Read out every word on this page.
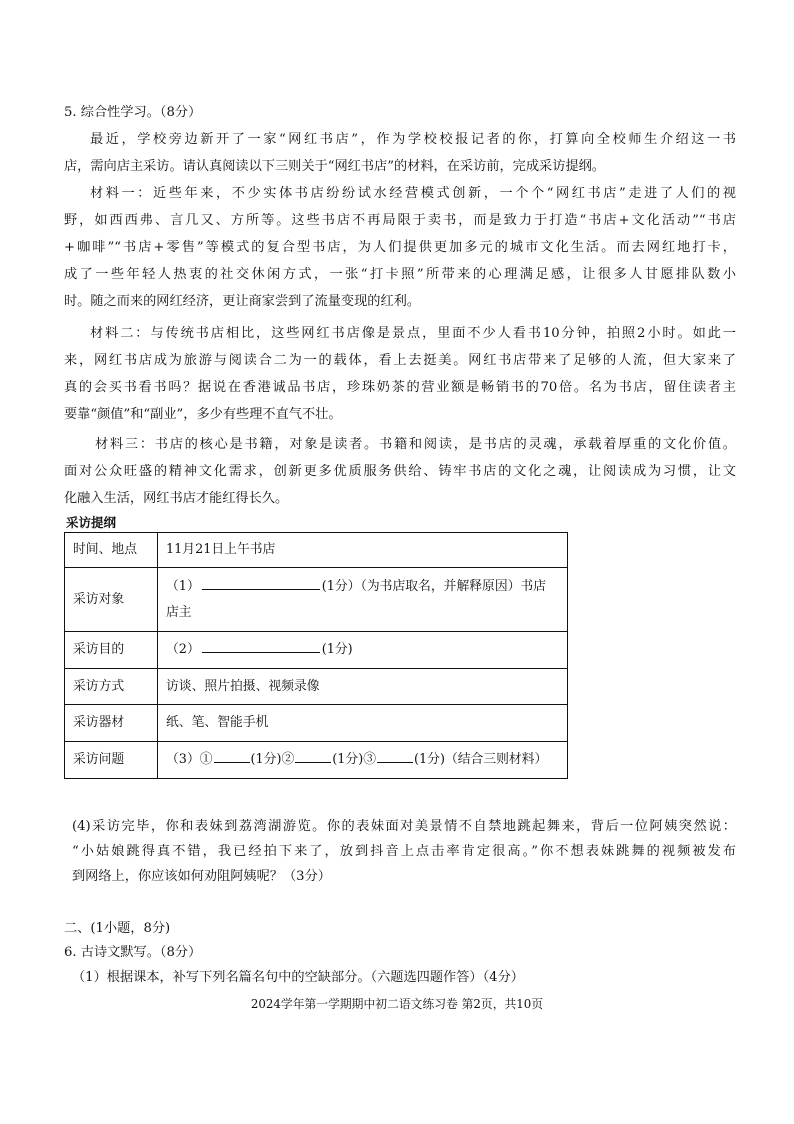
5. 综合性学习。（8分）
最近，学校旁边新开了一家“网红书店”，作为学校校报记者的你，打算向全校师生介绍这一书
店，需向店主采访。请认真阅读以下三则关于“网红书店”的材料，在采访前，完成采访提纲。
材料一：近些年来，不少实体书店纷纷试水经营模式创新，一个个“网红书店”走进了人们的视
野，如西西弗、言几又、方所等。这些书店不再局限于卖书，而是致力于打造“书店+文化活动”“书店
+咖啡”“书店+零售”等模式的复合型书店，为人们提供更加多元的城市文化生活。而去网红地打卡，
成了一些年轻人热衷的社交休闲方式，一张“打卡照”所带来的心理满足感，让很多人甘愿排队数小
时。随之而来的网红经济，更让商家尝到了流量变现的红利。
材料二：与传统书店相比，这些网红书店像是景点，里面不少人看书10分钟，拍照2小时。如此一
来，网红书店成为旅游与阅读合二为一的载体，看上去挺美。网红书店带来了足够的人流，但大家来了
真的会买书看书吗？据说在香港诚品书店，珍珠奶茶的营业额是畅销书的70倍。名为书店，留住读者主
要靠“颜值”和“副业”，多少有些理不直气不壮。
材料三：书店的核心是书籍，对象是读者。书籍和阅读，是书店的灵魂，承载着厚重的文化价值。
面对公众旺盛的精神文化需求，创新更多优质服务供给、铸牢书店的文化之魂，让阅读成为习惯，让文
化融入生活，网红书店才能红得长久。
采访提纲
时间、地点	11月21日上午书店
采访对象	（1） (1分）（为书店取名，并解释原因）书店
店主

采访目的	（2） (1分)
采访方式	访谈、照片拍摄、视频录像
采访器材	纸、笔、智能手机
采访问题	（3）① (1分)② (1分)③ (1分)（结合三则材料）
(4)采访完毕，你和表妹到荔湾湖游览。你的表妹面对美景情不自禁地跳起舞来，背后一位阿姨突然说：
“小姑娘跳得真不错，我已经拍下来了，放到抖音上点击率肯定很高。”你不想表妹跳舞的视频被发布
到网络上，你应该如何劝阻阿姨呢？（3分）
二、(1小题，8分)
6. 古诗文默写。（8分）
（1）根据课本，补写下列名篇名句中的空缺部分。（六题选四题作答）（4分）
2024学年第一学期期中初二语文练习卷 第2页，共10页
